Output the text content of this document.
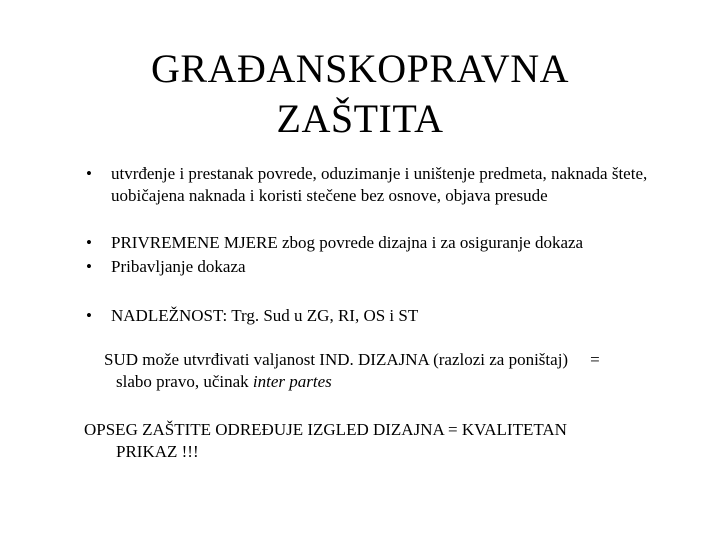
GRAĐANSKOPRAVNA
ZAŠTITA
• utvrđenje i prestanak povrede, oduzimanje i uništenje predmeta, naknada štete, uobičajena naknada i koristi stečene bez osnove, objava presude
• PRIVREMENE MJERE zbog povrede dizajna i za osiguranje dokaza
• Pribavljanje dokaza
• NADLEŽNOST: Trg. Sud u ZG, RI, OS i ST
SUD može utvrđivati valjanost IND. DIZAJNA (razlozi za poništaj) =
slabo pravo, učinak inter partes
OPSEG ZAŠTITE ODREĐUJE IZGLED DIZAJNA = KVALITETAN
PRIKAZ !!!
